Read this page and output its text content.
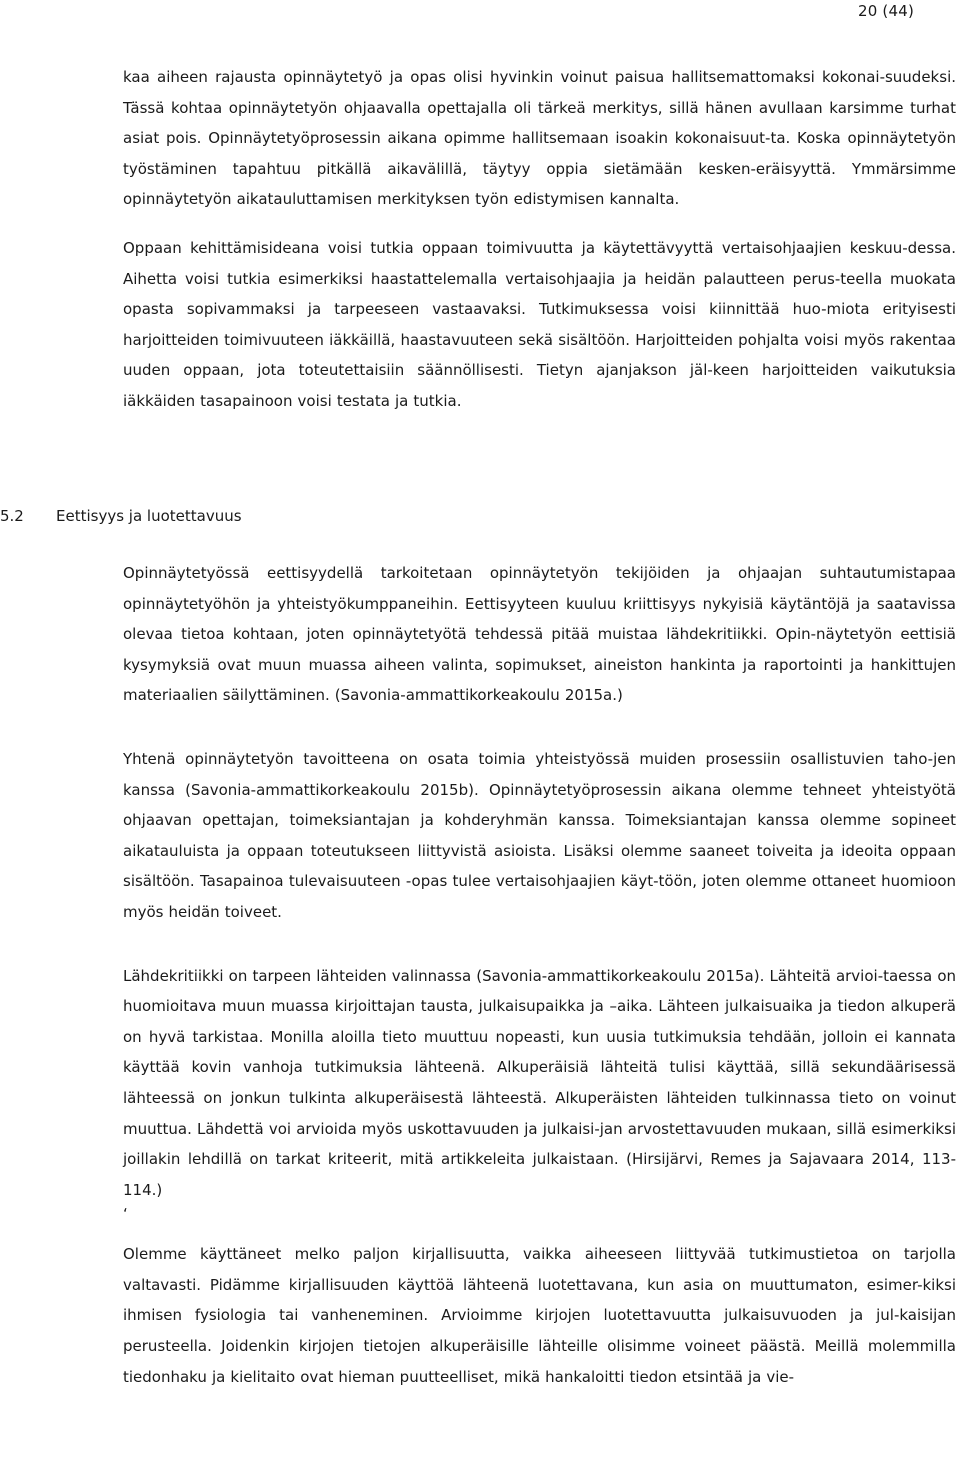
20 (44)

kaa aiheen rajausta opinnäytetyö ja opas olisi hyvinkin voinut paisua hallitsemattomaksi kokonai-suudeksi. Tässä kohtaa opinnäytetyön ohjaavalla opettajalla oli tärkeä merkitys, sillä hänen avullaan karsimme turhat asiat pois. Opinnäytetyöprosessin aikana opimme hallitsemaan isoakin kokonaisuut-ta. Koska opinnäytetyön työstäminen tapahtuu pitkällä aikavälillä, täytyy oppia sietämään kesken-eräisyyttä. Ymmärsimme opinnäytetyön aikatauluttamisen merkityksen työn edistymisen kannalta.

Oppaan kehittämisideana voisi tutkia oppaan toimivuutta ja käytettävyyttä vertaisohjaajien keskuu-dessa. Aihetta voisi tutkia esimerkiksi haastattelemalla vertaisohjaajia ja heidän palautteen perus-teella muokata opasta sopivammaksi ja tarpeeseen vastaavaksi. Tutkimuksessa voisi kiinnittää huo-miota erityisesti harjoitteiden toimivuuteen iäkkäillä, haastavuuteen sekä sisältöön. Harjoitteiden pohjalta voisi myös rakentaa uuden oppaan, jota toteutettaisiin säännöllisesti. Tietyn ajanjakson jäl-keen harjoitteiden vaikutuksia iäkkäiden tasapainoon voisi testata ja tutkia.

5.2 Eettisyys ja luotettavuus

Opinnäytetyössä eettisyydellä tarkoitetaan opinnäytetyön tekijöiden ja ohjaajan suhtautumistapaa opinnäytetyöhön ja yhteistyökumppaneihin. Eettisyyteen kuuluu kriittisyys nykyisiä käytäntöjä ja saatavissa olevaa tietoa kohtaan, joten opinnäytetyötä tehdessä pitää muistaa lähdekritiikki. Opin-näytetyön eettisiä kysymyksiä ovat muun muassa aiheen valinta, sopimukset, aineiston hankinta ja raportointi ja hankittujen materiaalien säilyttäminen. (Savonia-ammattikorkeakoulu 2015a.)

Yhtenä opinnäytetyön tavoitteena on osata toimia yhteistyössä muiden prosessiin osallistuvien taho-jen kanssa (Savonia-ammattikorkeakoulu 2015b). Opinnäytetyöprosessin aikana olemme tehneet yhteistyötä ohjaavan opettajan, toimeksiantajan ja kohderyhmän kanssa. Toimeksiantajan kanssa olemme sopineet aikatauluista ja oppaan toteutukseen liittyvistä asioista. Lisäksi olemme saaneet toiveita ja ideoita oppaan sisältöön. Tasapainoa tulevaisuuteen -opas tulee vertaisohjaajien käyt-töön, joten olemme ottaneet huomioon myös heidän toiveet.

Lähdekritiikki on tarpeen lähteiden valinnassa (Savonia-ammattikorkeakoulu 2015a). Lähteitä arvioi-taessa on huomioitava muun muassa kirjoittajan tausta, julkaisupaikka ja –aika. Lähteen julkaisuaika ja tiedon alkuperä on hyvä tarkistaa. Monilla aloilla tieto muuttuu nopeasti, kun uusia tutkimuksia tehdään, jolloin ei kannata käyttää kovin vanhoja tutkimuksia lähteenä. Alkuperäisiä lähteitä tulisi käyttää, sillä sekundäärisessä lähteessä on jonkun tulkinta alkuperäisestä lähteestä. Alkuperäisten lähteiden tulkinnassa tieto on voinut muuttua. Lähdettä voi arvioida myös uskottavuuden ja julkaisi-jan arvostettavuuden mukaan, sillä esimerkiksi joillakin lehdillä on tarkat kriteerit, mitä artikkeleita julkaistaan. (Hirsijärvi, Remes ja Sajavaara 2014, 113-114.)

‘

Olemme käyttäneet melko paljon kirjallisuutta, vaikka aiheeseen liittyvää tutkimustietoa on tarjolla valtavasti. Pidämme kirjallisuuden käyttöä lähteenä luotettavana, kun asia on muuttumaton, esimer-kiksi ihmisen fysiologia tai vanheneminen. Arvioimme kirjojen luotettavuutta julkaisuvuoden ja jul-kaisijan perusteella. Joidenkin kirjojen tietojen alkuperäisille lähteille olisimme voineet päästä. Meillä molemmilla tiedonhaku ja kielitaito ovat hieman puutteelliset, mikä hankaloitti tiedon etsintää ja vie-
